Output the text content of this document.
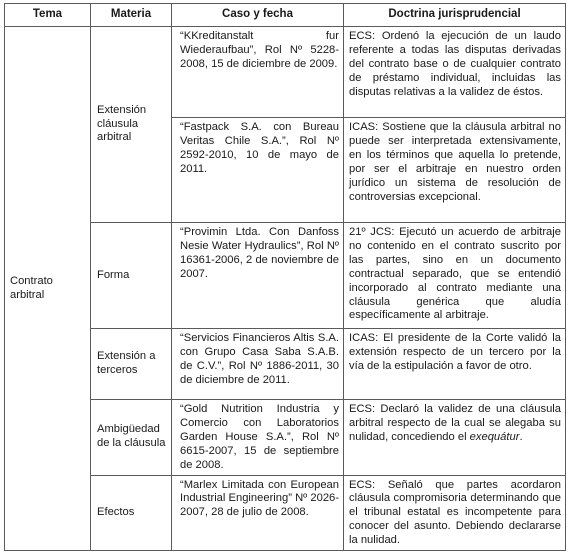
Tema	Materia	Caso y fecha	Doctrina jurisprudencial
Contrato arbitral	Extensión cláusula arbitral	“KKreditanstalt fur Wiederaufbau”, Rol Nº 5228-2008, 15 de diciembre de 2009.	ECS: Ordenó la ejecución de un laudo referente a todas las disputas derivadas del contrato base o de cualquier contrato de préstamo individual, incluidas las disputas relativas a la validez de éstos.
		“Fastpack S.A. con Bureau Veritas Chile S.A.”, Rol Nº 2592-2010, 10 de mayo de 2011.	ICAS: Sostiene que la cláusula arbitral no puede ser interpretada extensivamente, en los términos que aquella lo pretende, por ser el arbitraje en nuestro orden jurídico un sistema de resolución de controversias excepcional.
	Forma	“Provimin Ltda. Con Danfoss Nesie Water Hydraulics”, Rol Nº 16361-2006, 2 de noviembre de 2007.	21º JCS: Ejecutó un acuerdo de arbitraje no contenido en el contrato suscrito por las partes, sino en un documento contractual separado, que se entendió incorporado al contrato mediante una cláusula genérica que aludía específicamente al arbitraje.
	Extensión a terceros	“Servicios Financieros Altis S.A. con Grupo Casa Saba S.A.B. de C.V.”, Rol Nº 1886-2011, 30 de diciembre de 2011.	ICAS: El presidente de la Corte validó la extensión respecto de un tercero por la vía de la estipulación a favor de otro.
	Ambigüedad de la cláusula	“Gold Nutrition Industria y Comercio con Laboratorios Garden House S.A.”, Rol Nº 6615-2007, 15 de septiembre de 2008.	ECS: Declaró la validez de una cláusula arbitral respecto de la cual se alegaba su nulidad, concediendo el exequátur.
	Efectos	“Marlex Limitada con European Industrial Engineering” Nº 2026-2007, 28 de julio de 2008.	ECS: Señaló que partes acordaron cláusula compromisoria determinando que el tribunal estatal es incompetente para conocer del asunto. Debiendo declararse la nulidad.
